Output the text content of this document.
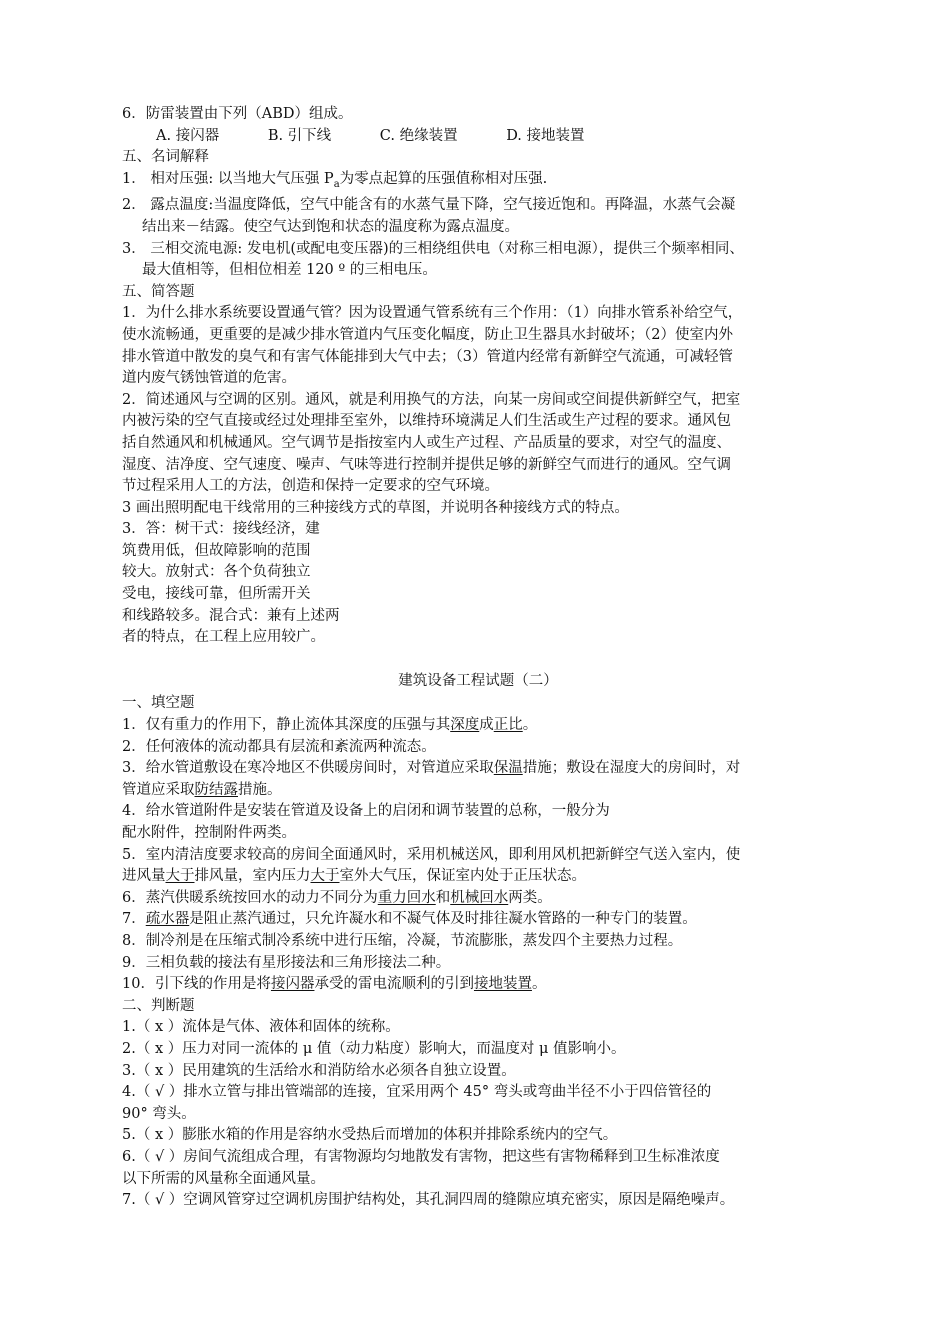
6．防雷装置由下列（ABD）组成。
A. 接闪器	B. 引下线	C. 绝缘装置	D. 接地装置
五、名词解释
1． 相对压强: 以当地大气压强 $P_a$为零点起算的压强值称相对压强.
2． 露点温度:当温度降低，空气中能含有的水蒸气量下降，空气接近饱和。再降温，水蒸气会凝
结出来－结露。使空气达到饱和状态的温度称为露点温度。
3． 三相交流电源: 发电机(或配电变压器)的三相绕组供电（对称三相电源），提供三个频率相同、
最大值相等，但相位相差 120 º 的三相电压。
五、简答题
1．为什么排水系统要设置通气管？因为设置通气管系统有三个作用：（1）向排水管系补给空气，
使水流畅通，更重要的是减少排水管道内气压变化幅度，防止卫生器具水封破坏；（2）使室内外
排水管道中散发的臭气和有害气体能排到大气中去；（3）管道内经常有新鲜空气流通，可减轻管
道内废气锈蚀管道的危害。
2．简述通风与空调的区别。通风，就是利用换气的方法，向某一房间或空间提供新鲜空气，把室
内被污染的空气直接或经过处理排至室外，以维持环境满足人们生活或生产过程的要求。通风包
括自然通风和机械通风。空气调节是指按室内人或生产过程、产品质量的要求，对空气的温度、
湿度、洁净度、空气速度、噪声、气味等进行控制并提供足够的新鲜空气而进行的通风。空气调
节过程采用人工的方法，创造和保持一定要求的空气环境。
3 画出照明配电干线常用的三种接线方式的草图，并说明各种接线方式的特点。
3．答：树干式：接线经济，建
筑费用低，但故障影响的范围
较大。放射式：各个负荷独立
受电，接线可靠，但所需开关
和线路较多。混合式：兼有上述两
者的特点，在工程上应用较广。
建筑设备工程试题（二）
一、填空题
1．仅有重力的作用下，静止流体其深度的压强与其深度成正比。
2．任何液体的流动都具有层流和紊流两种流态。
3．给水管道敷设在寒冷地区不供暖房间时，对管道应采取保温措施；敷设在湿度大的房间时，对
管道应采取防结露措施。
4．给水管道附件是安装在管道及设备上的启闭和调节装置的总称，一般分为
配水附件，控制附件两类。
5．室内清洁度要求较高的房间全面通风时，采用机械送风，即利用风机把新鲜空气送入室内，使
进风量大于排风量，室内压力大于室外大气压，保证室内处于正压状态。
6．蒸汽供暖系统按回水的动力不同分为重力回水和机械回水两类。
7．疏水器是阻止蒸汽通过，只允许凝水和不凝气体及时排往凝水管路的一种专门的装置。
8．制冷剂是在压缩式制冷系统中进行压缩，冷凝，节流膨胀，蒸发四个主要热力过程。
9．三相负载的接法有星形接法和三角形接法二种。
10．引下线的作用是将接闪器承受的雷电流顺利的引到接地装置。
二、判断题
1.（ x ）流体是气体、液体和固体的统称。
2.（ x ）压力对同一流体的 μ 值（动力粘度）影响大，而温度对 μ 值影响小。
3.（ x ）民用建筑的生活给水和消防给水必须各自独立设置。
4.（ √ ）排水立管与排出管端部的连接，宜采用两个 45° 弯头或弯曲半径不小于四倍管径的
90° 弯头。
5.（ x ）膨胀水箱的作用是容纳水受热后而增加的体积并排除系统内的空气。
6.（ √ ）房间气流组成合理，有害物源均匀地散发有害物，把这些有害物稀释到卫生标准浓度
以下所需的风量称全面通风量。
7.（ √ ）空调风管穿过空调机房围护结构处，其孔洞四周的缝隙应填充密实，原因是隔绝噪声。
